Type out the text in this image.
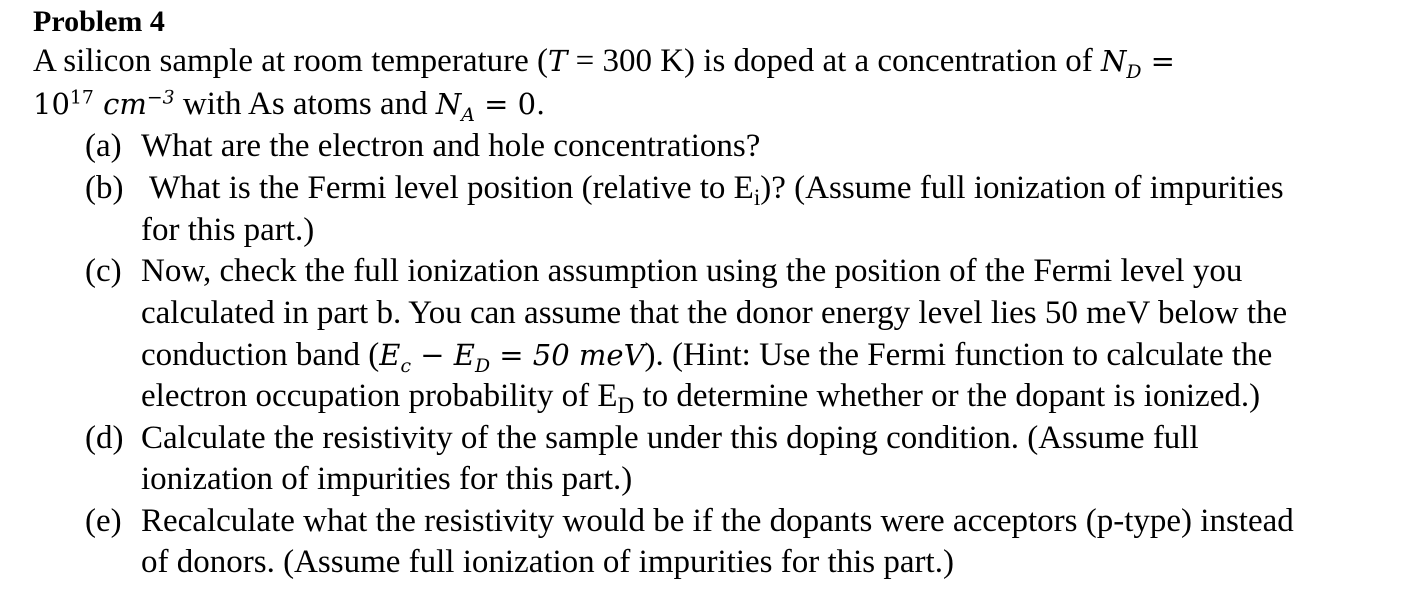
Problem 4
A silicon sample at room temperature (T = 300 K) is doped at a concentration of $N_D$ =
$10^{17}$ $cm^{-3}$ with As atoms and $N_A = 0$.
(a) What are the electron and hole concentrations?
(b) What is the Fermi level position (relative to $E_i$)? (Assume full ionization of impurities
for this part.)
(c) Now, check the full ionization assumption using the position of the Fermi level you
calculated in part b. You can assume that the donor energy level lies 50 meV below the
conduction band ($E_c - E_D = 50$ meV). (Hint: Use the Fermi function to calculate the
electron occupation probability of $E_D$ to determine whether or the dopant is ionized.)
(d) Calculate the resistivity of the sample under this doping condition. (Assume full
ionization of impurities for this part.)
(e) Recalculate what the resistivity would be if the dopants were acceptors (p-type) instead
of donors. (Assume full ionization of impurities for this part.)
